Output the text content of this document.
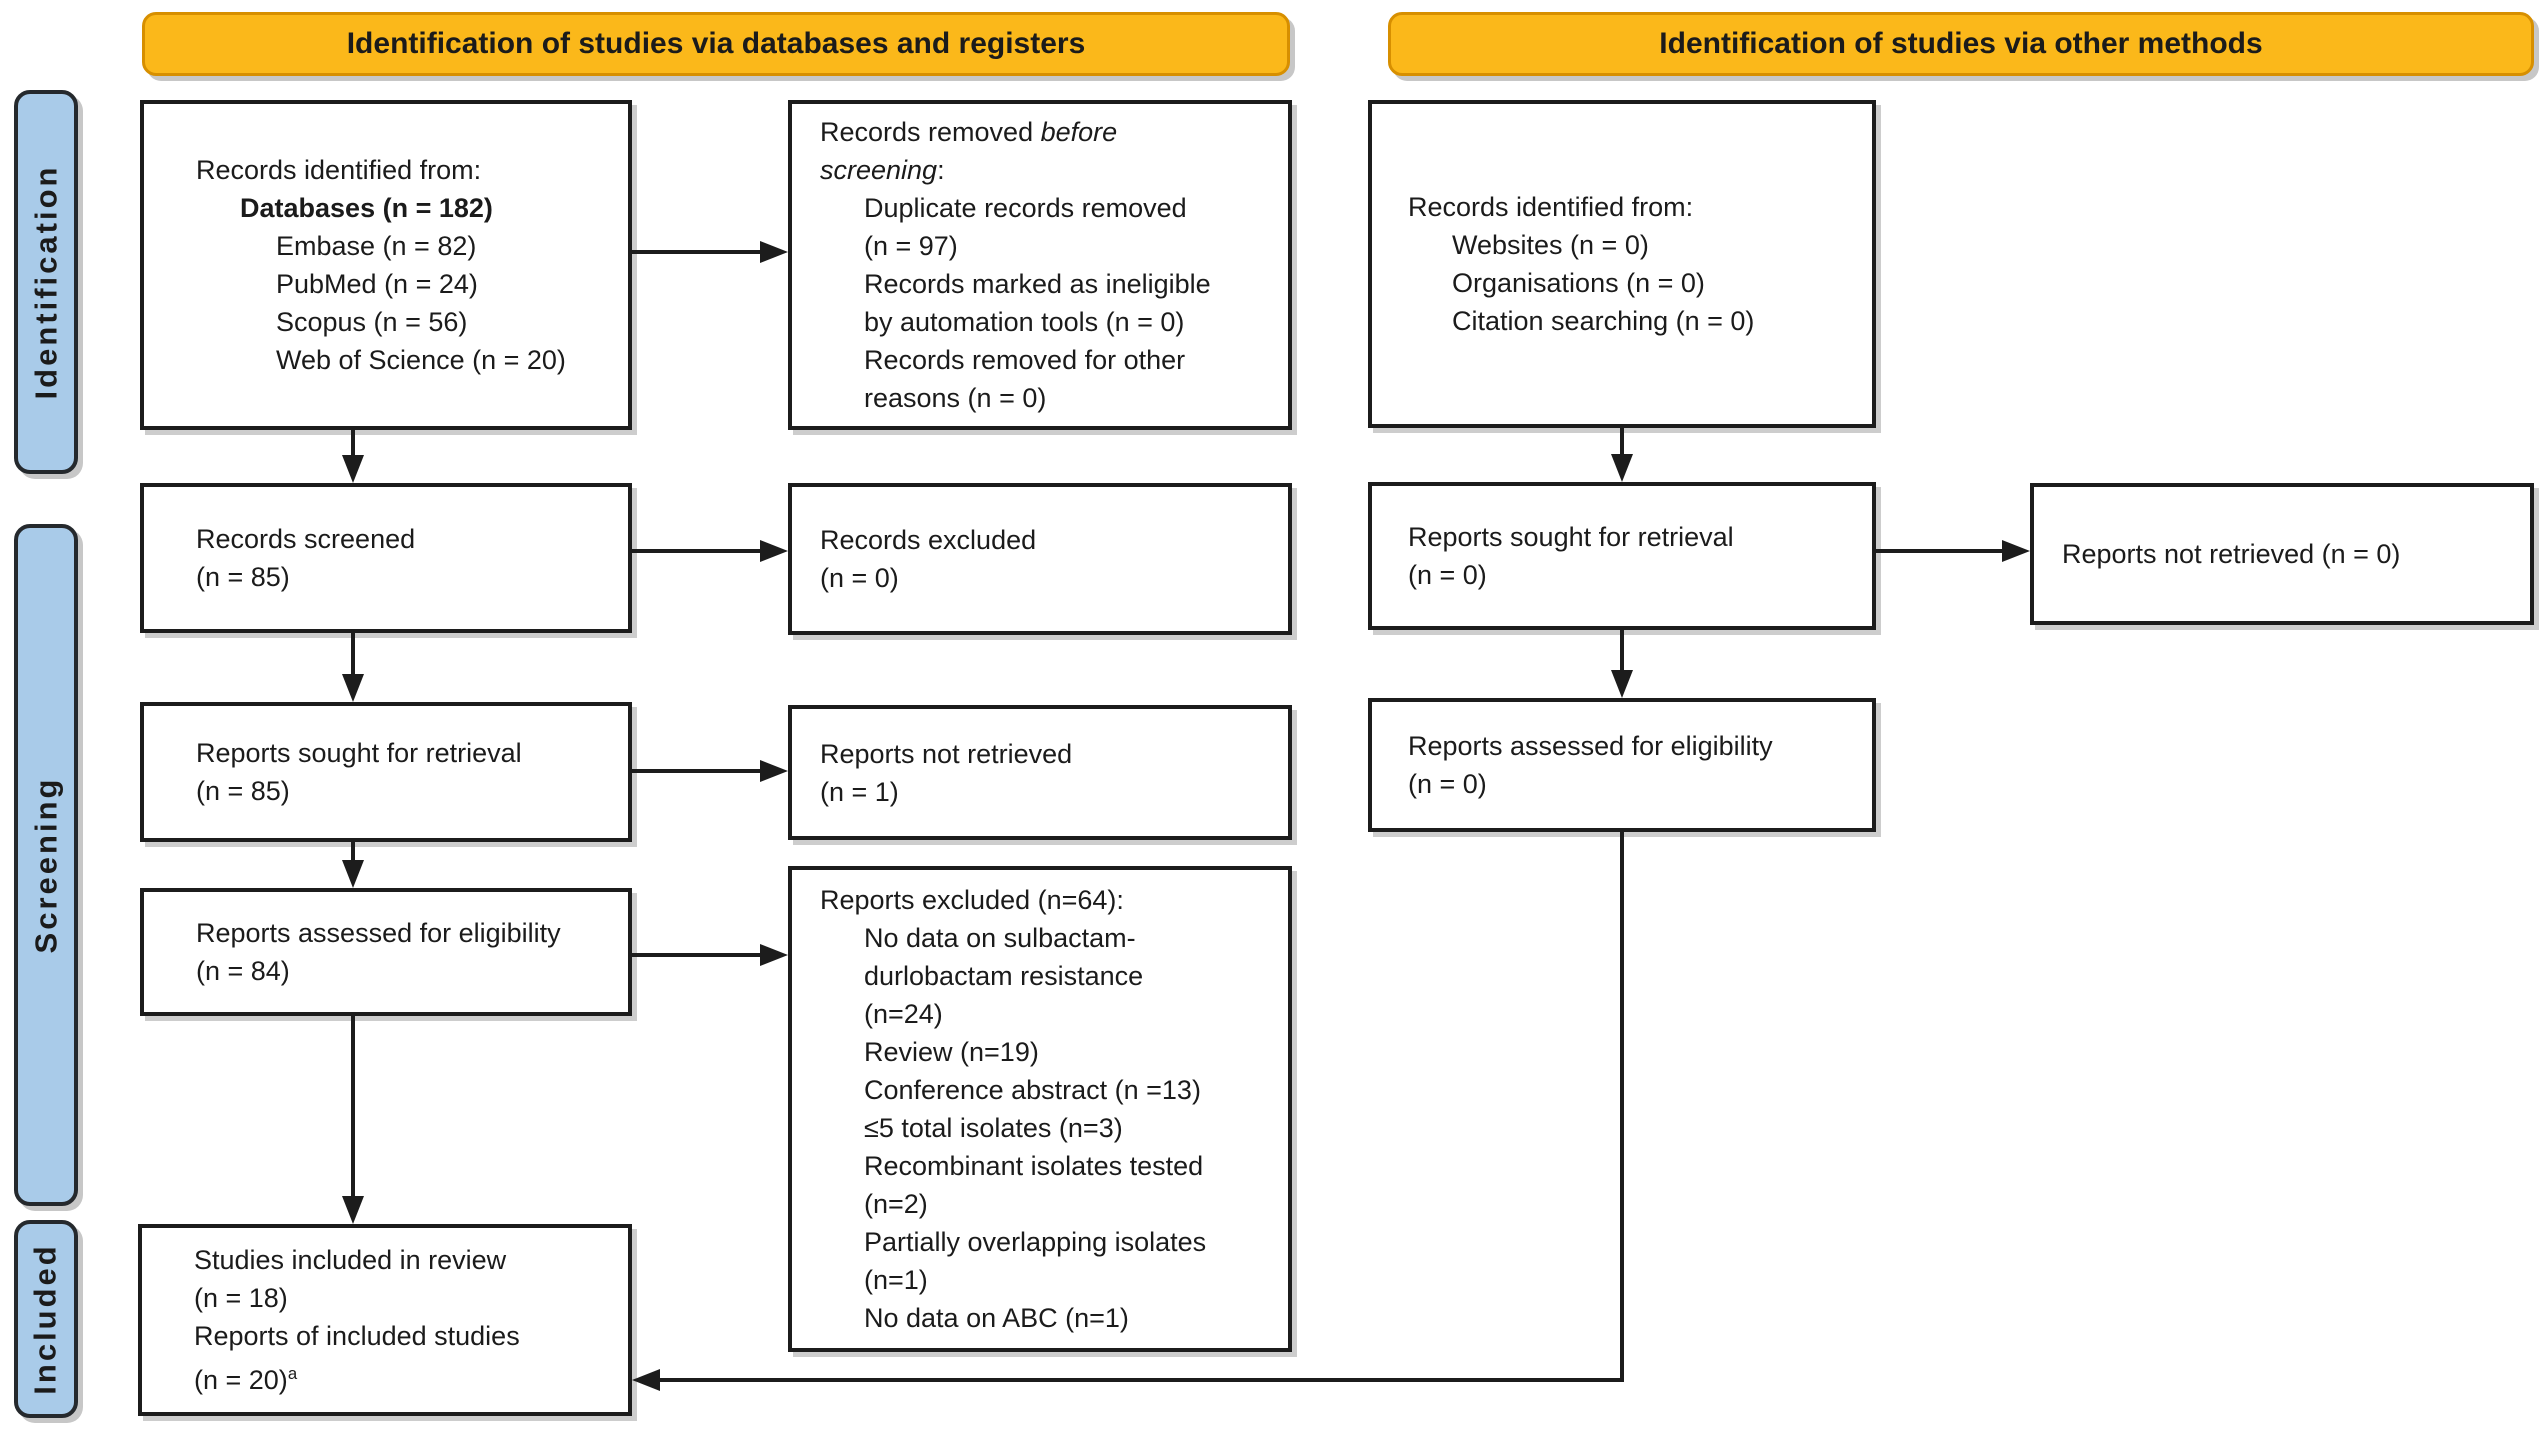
Identification of studies via databases and registers	Identification of studies via other methods
Identification
Screening
Included
Records identified from:
Databases (n = 182)
Embase (n = 82)
PubMed (n = 24)
Scopus (n = 56)
Web of Science (n = 20)
Records screened
(n = 85)
Reports sought for retrieval
(n = 85)
Reports assessed for eligibility
(n = 84)
Studies included in review
(n = 18)
Reports of included studies
(n = 20)$^a$
Records removed before
screening:
Duplicate records removed
(n = 97)
Records marked as ineligible
by automation tools (n = 0)
Records removed for other
reasons (n = 0)
Records excluded
(n = 0)
Reports not retrieved
(n = 1)
Reports excluded (n=64):
No data on sulbactam-
durlobactam resistance
(n=24)
Review (n=19)
Conference abstract (n =13)
≤5 total isolates (n=3)
Recombinant isolates tested
(n=2)
Partially overlapping isolates
(n=1)
No data on ABC (n=1)
Records identified from:
Websites (n = 0)
Organisations (n = 0)
Citation searching (n = 0)
Reports sought for retrieval
(n = 0)
Reports assessed for eligibility
(n = 0)
Reports not retrieved (n = 0)
